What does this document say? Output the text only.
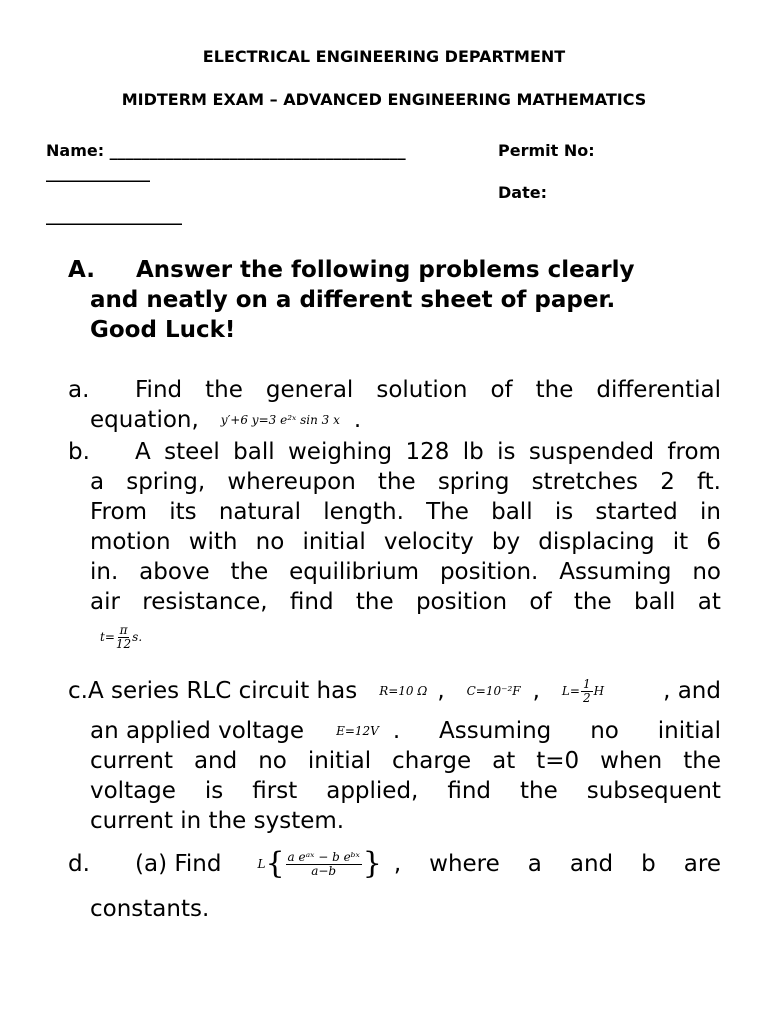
ELECTRICAL ENGINEERING DEPARTMENT
MIDTERM EXAM – ADVANCED ENGINEERING MATHEMATICS
Name: _____________________________________	Permit No:
_____________
Date:
_________________
A. Answer the following problems clearly
and neatly on a different sheet of paper.
Good Luck!
a.	Find the general solution of the differential
equation, y′+6 y=3 e²ˣ sin 3 x .
b.	A steel ball weighing 128 lb is suspended from
a spring, whereupon the spring stretches 2 ft.
From its natural length. The ball is started in
motion with no initial velocity by displacing it 6
in. above the equilibrium position. Assuming no
air resistance, find the position of the ball at
$t= \frac{\pi}{12} s$.
c. A series RLC circuit has R=10 Ω , C=10⁻²F , $L= \frac{1}{2}$ H	, and
an applied voltage	E=12V . Assuming no initial
current and no initial charge at t=0 when the
voltage is first applied, find the subsequent
current in the system.
d.	(a) Find	L { a eᵃˣ − b eᵇˣ
a−b } , where a and b are
constants.
